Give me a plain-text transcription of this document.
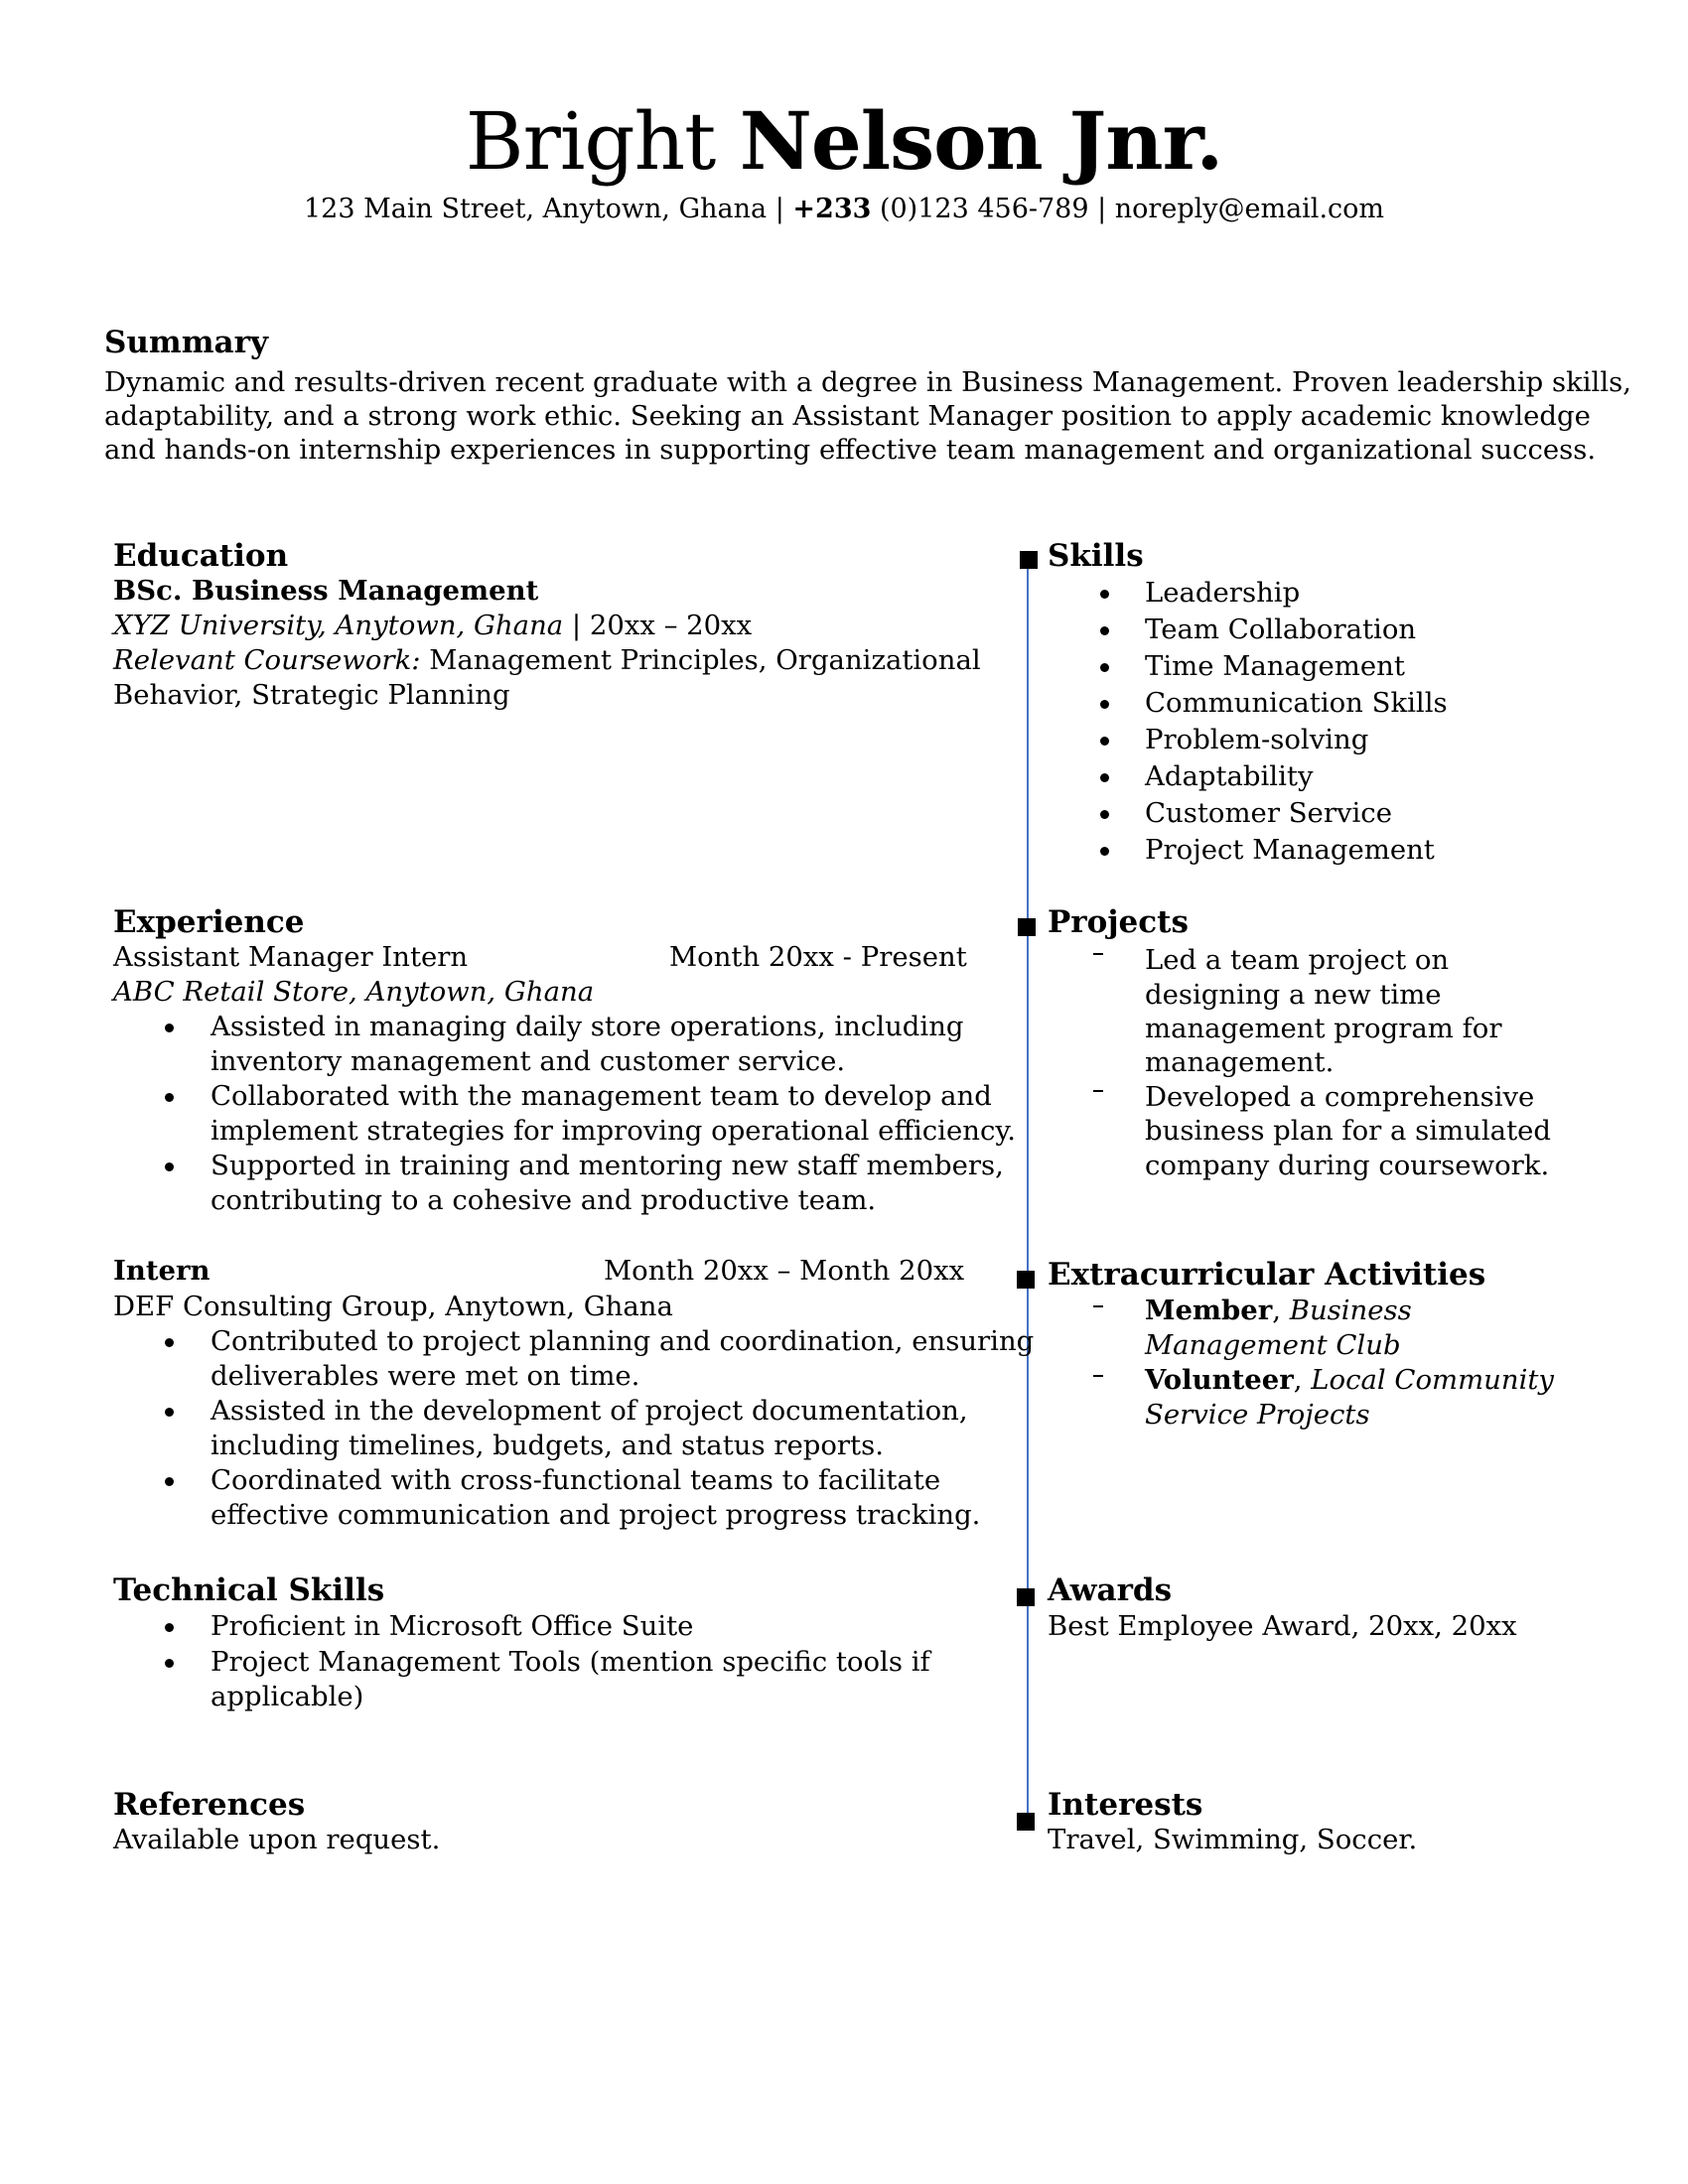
Bright Nelson Jnr.
123 Main Street, Anytown, Ghana | +233 (0)123 456-789 | noreply@email.com
Summary
Dynamic and results-driven recent graduate with a degree in Business Management. Proven leadership skills,
adaptability, and a strong work ethic. Seeking an Assistant Manager position to apply academic knowledge
and hands-on internship experiences in supporting effective team management and organizational success.
Education
BSc. Business Management
XYZ University, Anytown, Ghana | 20xx – 20xx
Relevant Coursework: Management Principles, Organizational
Behavior, Strategic Planning
Experience
Assistant Manager Intern	Month 20xx - Present
ABC Retail Store, Anytown, Ghana
Assisted in managing daily store operations, including
inventory management and customer service.
Collaborated with the management team to develop and
implement strategies for improving operational efficiency.
Supported in training and mentoring new staff members,
contributing to a cohesive and productive team.
Intern	Month 20xx – Month 20xx
DEF Consulting Group, Anytown, Ghana
Contributed to project planning and coordination, ensuring
deliverables were met on time.
Assisted in the development of project documentation,
including timelines, budgets, and status reports.
Coordinated with cross-functional teams to facilitate
effective communication and project progress tracking.
Technical Skills
Proficient in Microsoft Office Suite
Project Management Tools (mention specific tools if
applicable)
References
Available upon request.
Skills
Leadership
Team Collaboration
Time Management
Communication Skills
Problem-solving
Adaptability
Customer Service
Project Management
Projects
Led a team project on
designing a new time
management program for
management.
Developed a comprehensive
business plan for a simulated
company during coursework.
Extracurricular Activities
Member, Business
Management Club
Volunteer, Local Community
Service Projects
Awards
Best Employee Award, 20xx, 20xx
Interests
Travel, Swimming, Soccer.
